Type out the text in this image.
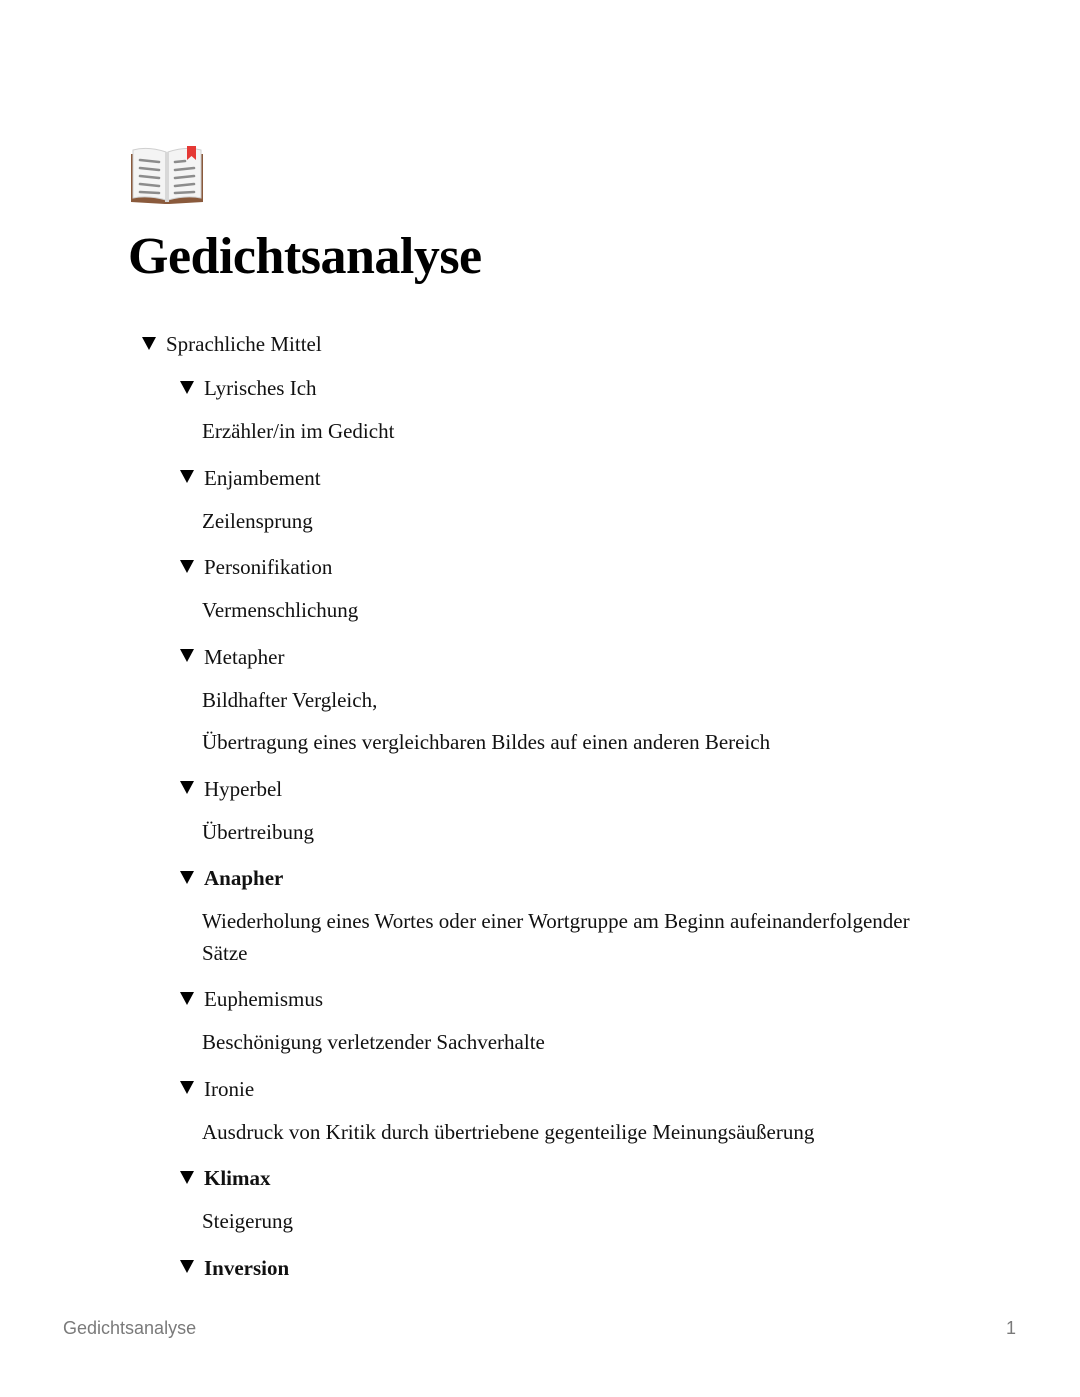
Gedichtsanalyse
Sprachliche Mittel
Lyrisches Ich

Erzähler/in im Gedicht

Enjambement

Zeilensprung

Personifikation

Vermenschlichung

Metapher

Bildhafter Vergleich,

Übertragung eines vergleichbaren Bildes auf einen anderen Bereich

Hyperbel

Übertreibung

Anapher

Wiederholung eines Wortes oder einer Wortgruppe am Beginn aufeinanderfolgender Sätze

Euphemismus

Beschönigung verletzender Sachverhalte

Ironie

Ausdruck von Kritik durch übertriebene gegenteilige Meinungsäußerung

Klimax

Steigerung

Inversion
Gedichtsanalyse	1
